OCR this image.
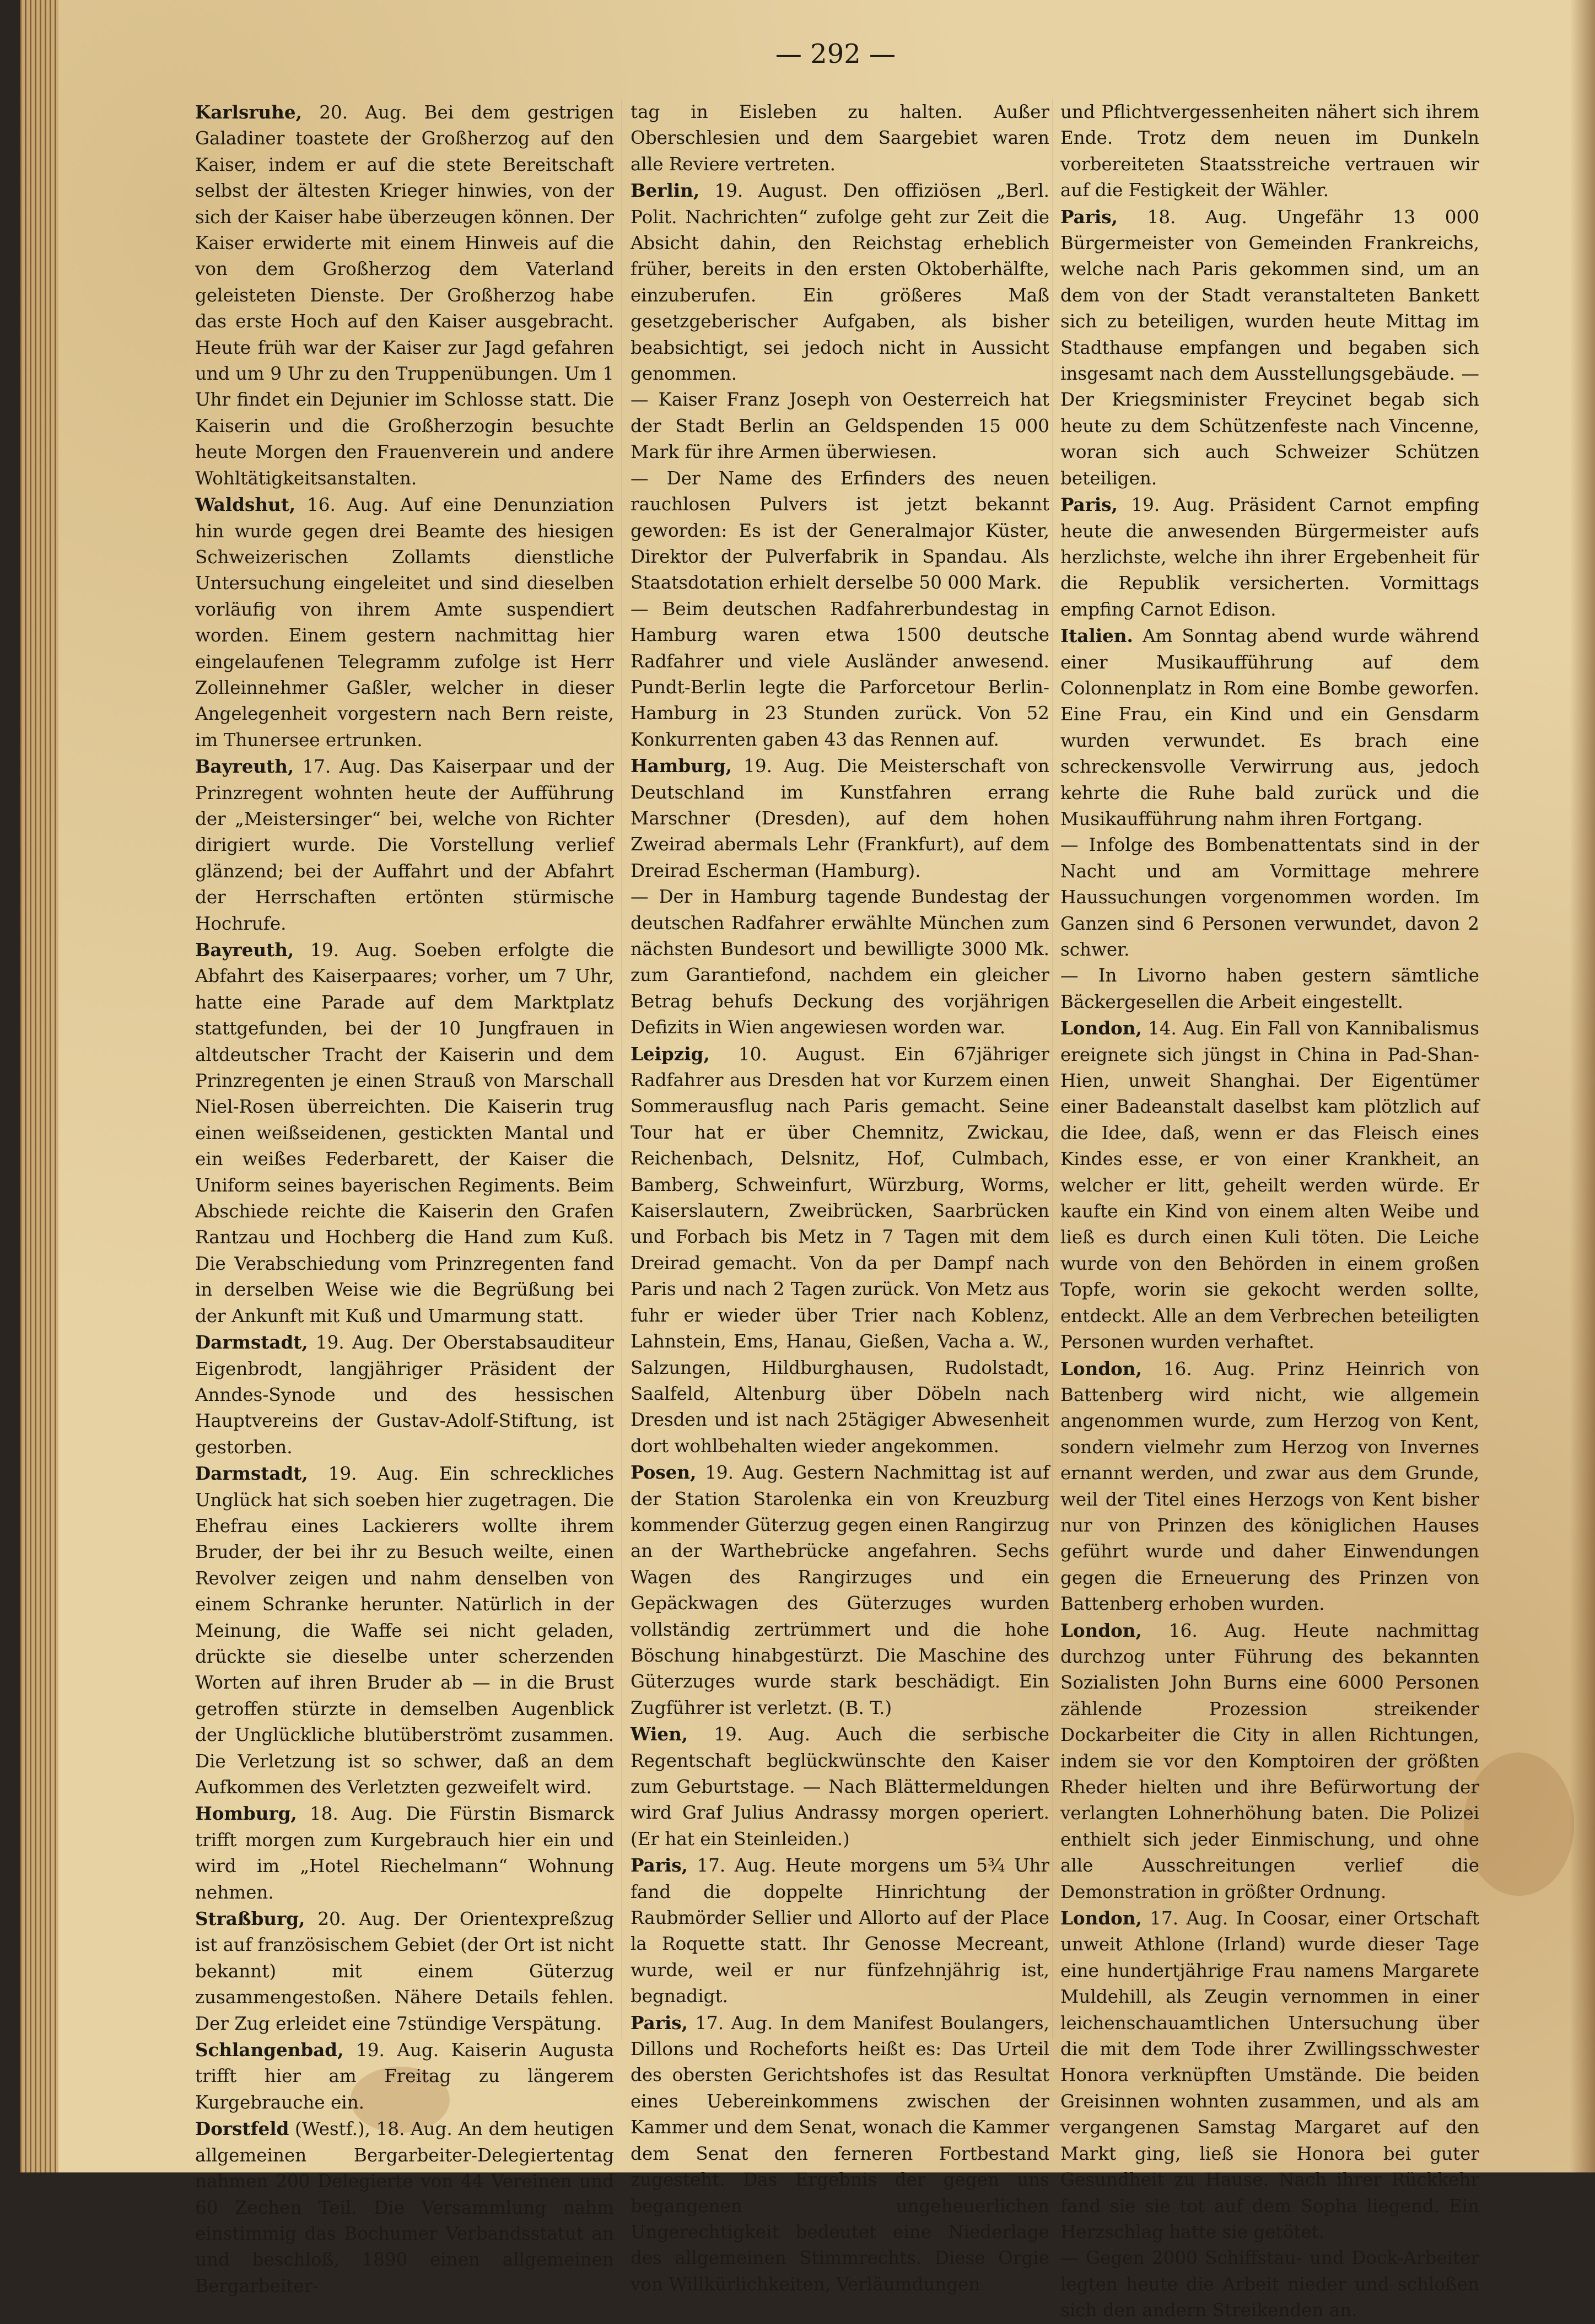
— 292 —

Karlsruhe, 20. Aug. Bei dem gestrigen Galadiner toastete der Großherzog auf den Kaiser, indem er auf die stete Bereitschaft selbst der ältesten Krieger hinwies, von der sich der Kaiser habe überzeugen können. Der Kaiser erwiderte mit einem Hinweis auf die von dem Großherzog dem Vaterland geleisteten Dienste. Der Großherzog habe das erste Hoch auf den Kaiser ausgebracht. Heute früh war der Kaiser zur Jagd gefahren und um 9 Uhr zu den Truppenübungen. Um 1 Uhr findet ein Dejunier im Schlosse statt. Die Kaiserin und die Großherzogin besuchte heute Morgen den Frauenverein und andere Wohltätigkeitsanstalten.

Waldshut, 16. Aug. Auf eine Denunziation hin wurde gegen drei Beamte des hiesigen Schweizerischen Zollamts dienstliche Untersuchung eingeleitet und sind dieselben vorläufig von ihrem Amte suspendiert worden. Einem gestern nachmittag hier eingelaufenen Telegramm zufolge ist Herr Zolleinnehmer Gaßler, welcher in dieser Angelegenheit vorgestern nach Bern reiste, im Thunersee ertrunken.

Bayreuth, 17. Aug. Das Kaiserpaar und der Prinzregent wohnten heute der Aufführung der „Meistersinger“ bei, welche von Richter dirigiert wurde. Die Vorstellung verlief glänzend; bei der Auffahrt und der Abfahrt der Herrschaften ertönten stürmische Hochrufe.

Bayreuth, 19. Aug. Soeben erfolgte die Abfahrt des Kaiserpaares; vorher, um 7 Uhr, hatte eine Parade auf dem Marktplatz stattgefunden, bei der 10 Jungfrauen in altdeutscher Tracht der Kaiserin und dem Prinzregenten je einen Strauß von Marschall Niel-Rosen überreichten. Die Kaiserin trug einen weißseidenen, gestickten Mantal und ein weißes Federbarett, der Kaiser die Uniform seines bayerischen Regiments. Beim Abschiede reichte die Kaiserin den Grafen Rantzau und Hochberg die Hand zum Kuß. Die Verabschiedung vom Prinzregenten fand in derselben Weise wie die Begrüßung bei der Ankunft mit Kuß und Umarmung statt.

Darmstadt, 19. Aug. Der Oberstabsauditeur Eigenbrodt, langjähriger Präsident der Anndes-Synode und des hessischen Hauptvereins der Gustav-Adolf-Stiftung, ist gestorben.

Darmstadt, 19. Aug. Ein schreckliches Unglück hat sich soeben hier zugetragen. Die Ehefrau eines Lackierers wollte ihrem Bruder, der bei ihr zu Besuch weilte, einen Revolver zeigen und nahm denselben von einem Schranke herunter. Natürlich in der Meinung, die Waffe sei nicht geladen, drückte sie dieselbe unter scherzenden Worten auf ihren Bruder ab — in die Brust getroffen stürzte in demselben Augenblick der Unglückliche blutüberströmt zusammen. Die Verletzung ist so schwer, daß an dem Aufkommen des Verletzten gezweifelt wird.

Homburg, 18. Aug. Die Fürstin Bismarck trifft morgen zum Kurgebrauch hier ein und wird im „Hotel Riechelmann“ Wohnung nehmen.

Straßburg, 20. Aug. Der Orientexpreßzug ist auf französischem Gebiet (der Ort ist nicht bekannt) mit einem Güterzug zusammengestoßen. Nähere Details fehlen. Der Zug erleidet eine 7stündige Verspätung.

Schlangenbad, 19. Aug. Kaiserin Augusta trifft hier am Freitag zu längerem Kurgebrauche ein.

Dorstfeld (Westf.), 18. Aug. An dem heutigen allgemeinen Bergarbeiter-Delegiertentag nahmen 200 Delegierte von 44 Vereinen und 60 Zechen Teil. Die Versammlung nahm einstimmig das Bochumer Verbandsstatut an und beschloß, 1890 einen allgemeinen Bergarbeiter-

tag in Eisleben zu halten. Außer Oberschlesien und dem Saargebiet waren alle Reviere vertreten.

Berlin, 19. August. Den offiziösen „Berl. Polit. Nachrichten“ zufolge geht zur Zeit die Absicht dahin, den Reichstag erheblich früher, bereits in den ersten Oktoberhälfte, einzuberufen. Ein größeres Maß gesetzgeberischer Aufgaben, als bisher beabsichtigt, sei jedoch nicht in Aussicht genommen.

— Kaiser Franz Joseph von Oesterreich hat der Stadt Berlin an Geldspenden 15 000 Mark für ihre Armen überwiesen.

— Der Name des Erfinders des neuen rauchlosen Pulvers ist jetzt bekannt geworden: Es ist der Generalmajor Küster, Direktor der Pulverfabrik in Spandau. Als Staatsdotation erhielt derselbe 50 000 Mark.

— Beim deutschen Radfahrerbundestag in Hamburg waren etwa 1500 deutsche Radfahrer und viele Ausländer anwesend. Pundt-Berlin legte die Parforcetour Berlin-Hamburg in 23 Stunden zurück. Von 52 Konkurrenten gaben 43 das Rennen auf.

Hamburg, 19. Aug. Die Meisterschaft von Deutschland im Kunstfahren errang Marschner (Dresden), auf dem hohen Zweirad abermals Lehr (Frankfurt), auf dem Dreirad Escherman (Hamburg).

— Der in Hamburg tagende Bundestag der deutschen Radfahrer erwählte München zum nächsten Bundesort und bewilligte 3000 Mk. zum Garantiefond, nachdem ein gleicher Betrag behufs Deckung des vorjährigen Defizits in Wien angewiesen worden war.

Leipzig, 10. August. Ein 67jähriger Radfahrer aus Dresden hat vor Kurzem einen Sommerausflug nach Paris gemacht. Seine Tour hat er über Chemnitz, Zwickau, Reichenbach, Delsnitz, Hof, Culmbach, Bamberg, Schweinfurt, Würzburg, Worms, Kaiserslautern, Zweibrücken, Saarbrücken und Forbach bis Metz in 7 Tagen mit dem Dreirad gemacht. Von da per Dampf nach Paris und nach 2 Tagen zurück. Von Metz aus fuhr er wieder über Trier nach Koblenz, Lahnstein, Ems, Hanau, Gießen, Vacha a. W., Salzungen, Hildburghausen, Rudolstadt, Saalfeld, Altenburg über Döbeln nach Dresden und ist nach 25tägiger Abwesenheit dort wohlbehalten wieder angekommen.

Posen, 19. Aug. Gestern Nachmittag ist auf der Station Starolenka ein von Kreuzburg kommender Güterzug gegen einen Rangirzug an der Warthebrücke angefahren. Sechs Wagen des Rangirzuges und ein Gepäckwagen des Güterzuges wurden vollständig zertrümmert und die hohe Böschung hinabgestürzt. Die Maschine des Güterzuges wurde stark beschädigt. Ein Zugführer ist verletzt. (B. T.)

Wien, 19. Aug. Auch die serbische Regentschaft beglückwünschte den Kaiser zum Geburtstage. — Nach Blättermeldungen wird Graf Julius Andrassy morgen operiert. (Er hat ein Steinleiden.)

Paris, 17. Aug. Heute morgens um 5¾ Uhr fand die doppelte Hinrichtung der Raubmörder Sellier und Allorto auf der Place la Roquette statt. Ihr Genosse Mecreant, wurde, weil er nur fünfzehnjährig ist, begnadigt.

Paris, 17. Aug. In dem Manifest Boulangers, Dillons und Rocheforts heißt es: Das Urteil des obersten Gerichtshofes ist das Resultat eines Uebereinkommens zwischen der Kammer und dem Senat, wonach die Kammer dem Senat den ferneren Fortbestand zugesteht. Das Ergebnis der gegen uns begangenen ungeheuerlichen Ungerechtigkeit bedeutet eine Niederlage des allgemeinen Stimmrechts. Diese Orgie von Willkürlichkeiten, Verläumdungen

und Pflichtvergessenheiten nähert sich ihrem Ende. Trotz dem neuen im Dunkeln vorbereiteten Staatsstreiche vertrauen wir auf die Festigkeit der Wähler.

Paris, 18. Aug. Ungefähr 13 000 Bürgermeister von Gemeinden Frankreichs, welche nach Paris gekommen sind, um an dem von der Stadt veranstalteten Bankett sich zu beteiligen, wurden heute Mittag im Stadthause empfangen und begaben sich insgesamt nach dem Ausstellungsgebäude. — Der Kriegsminister Freycinet begab sich heute zu dem Schützenfeste nach Vincenne, woran sich auch Schweizer Schützen beteiligen.

Paris, 19. Aug. Präsident Carnot empfing heute die anwesenden Bürgermeister aufs herzlichste, welche ihn ihrer Ergebenheit für die Republik versicherten. Vormittags empfing Carnot Edison.

Italien. Am Sonntag abend wurde während einer Musikaufführung auf dem Colonnenplatz in Rom eine Bombe geworfen. Eine Frau, ein Kind und ein Gensdarm wurden verwundet. Es brach eine schreckensvolle Verwirrung aus, jedoch kehrte die Ruhe bald zurück und die Musikaufführung nahm ihren Fortgang.

— Infolge des Bombenattentats sind in der Nacht und am Vormittage mehrere Haussuchungen vorgenommen worden. Im Ganzen sind 6 Personen verwundet, davon 2 schwer.

— In Livorno haben gestern sämtliche Bäckergesellen die Arbeit eingestellt.

London, 14. Aug. Ein Fall von Kannibalismus ereignete sich jüngst in China in Pad-Shan-Hien, unweit Shanghai. Der Eigentümer einer Badeanstalt daselbst kam plötzlich auf die Idee, daß, wenn er das Fleisch eines Kindes esse, er von einer Krankheit, an welcher er litt, geheilt werden würde. Er kaufte ein Kind von einem alten Weibe und ließ es durch einen Kuli töten. Die Leiche wurde von den Behörden in einem großen Topfe, worin sie gekocht werden sollte, entdeckt. Alle an dem Verbrechen beteiligten Personen wurden verhaftet.

London, 16. Aug. Prinz Heinrich von Battenberg wird nicht, wie allgemein angenommen wurde, zum Herzog von Kent, sondern vielmehr zum Herzog von Invernes ernannt werden, und zwar aus dem Grunde, weil der Titel eines Herzogs von Kent bisher nur von Prinzen des königlichen Hauses geführt wurde und daher Einwendungen gegen die Erneuerung des Prinzen von Battenberg erhoben wurden.

London, 16. Aug. Heute nachmittag durchzog unter Führung des bekannten Sozialisten John Burns eine 6000 Personen zählende Prozession streikender Dockarbeiter die City in allen Richtungen, indem sie vor den Komptoiren der größten Rheder hielten und ihre Befürwortung der verlangten Lohnerhöhung baten. Die Polizei enthielt sich jeder Einmischung, und ohne alle Ausschreitungen verlief die Demonstration in größter Ordnung.

London, 17. Aug. In Coosar, einer Ortschaft unweit Athlone (Irland) wurde dieser Tage eine hundertjährige Frau namens Margarete Muldehill, als Zeugin vernommen in einer leichenschauamtlichen Untersuchung über die mit dem Tode ihrer Zwillingsschwester Honora verknüpften Umstände. Die beiden Greisinnen wohnten zusammen, und als am vergangenen Samstag Margaret auf den Markt ging, ließ sie Honora bei guter Gesundheit zu Hause. Nach ihrer Rückkehr fand sie sie tot auf dem Sopha liegend. Ein Herzschlag hatte sie getötet.

— Gegen 2000 Schiffstau- und Dock-Arbeiter legten heute die Arbeit nieder und schloßen sich den andern Streikenden an.
